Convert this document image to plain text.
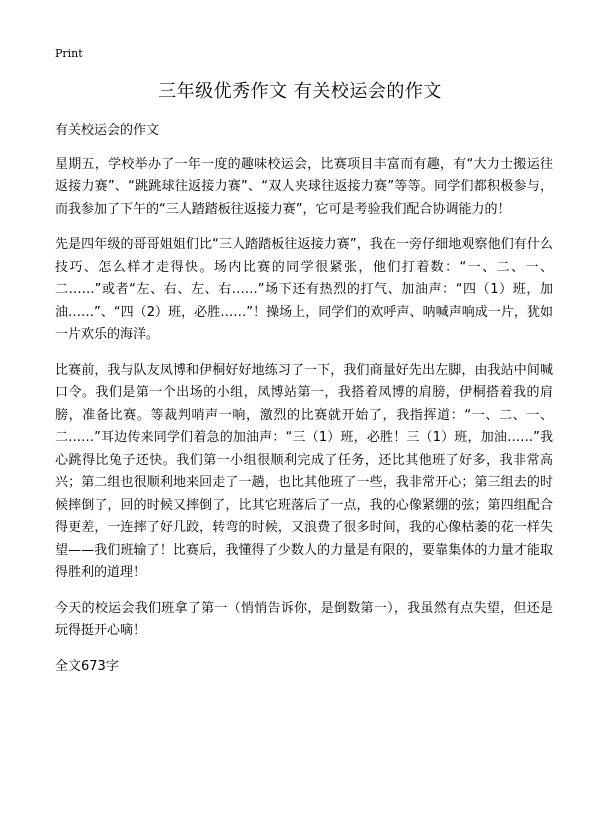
Print
三年级优秀作文 有关校运会的作文

有关校运会的作文

星期五，学校举办了一年一度的趣味校运会，比赛项目丰富而有趣，有“大力士搬运往返接力赛”、“跳跳球往返接力赛”、“双人夹球往返接力赛”等等。同学们都积极参与，而我参加了下午的“三人踏踏板往返接力赛”，它可是考验我们配合协调能力的！

先是四年级的哥哥姐姐们比“三人踏踏板往返接力赛”，我在一旁仔细地观察他们有什么技巧、怎么样才走得快。场内比赛的同学很紧张，他们打着数：“一、二、一、二……”或者“左、右、左、右……”场下还有热烈的打气、加油声：“四（1）班，加油……”、“四（2）班，必胜……”！操场上，同学们的欢呼声、呐喊声响成一片，犹如一片欢乐的海洋。

比赛前，我与队友凤博和伊桐好好地练习了一下，我们商量好先出左脚，由我站中间喊口令。我们是第一个出场的小组，凤博站第一，我搭着凤博的肩膀，伊桐搭着我的肩膀，准备比赛。等裁判哨声一响，激烈的比赛就开始了，我指挥道：“一、二、一、二……”耳边传来同学们着急的加油声：“三（1）班，必胜！三（1）班，加油……”我心跳得比兔子还快。我们第一小组很顺利完成了任务，还比其他班了好多，我非常高兴；第二组也很顺利地来回走了一趟，也比其他班了一些，我非常开心；第三组去的时候摔倒了，回的时候又摔倒了，比其它班落后了一点，我的心像紧绷的弦；第四组配合得更差，一连摔了好几跤，转弯的时候，又浪费了很多时间，我的心像枯萎的花一样失望——我们班输了！比赛后，我懂得了少数人的力量是有限的，要靠集体的力量才能取得胜利的道理！

今天的校运会我们班拿了第一（悄悄告诉你，是倒数第一），我虽然有点失望，但还是玩得挺开心嘀！

全文673字
